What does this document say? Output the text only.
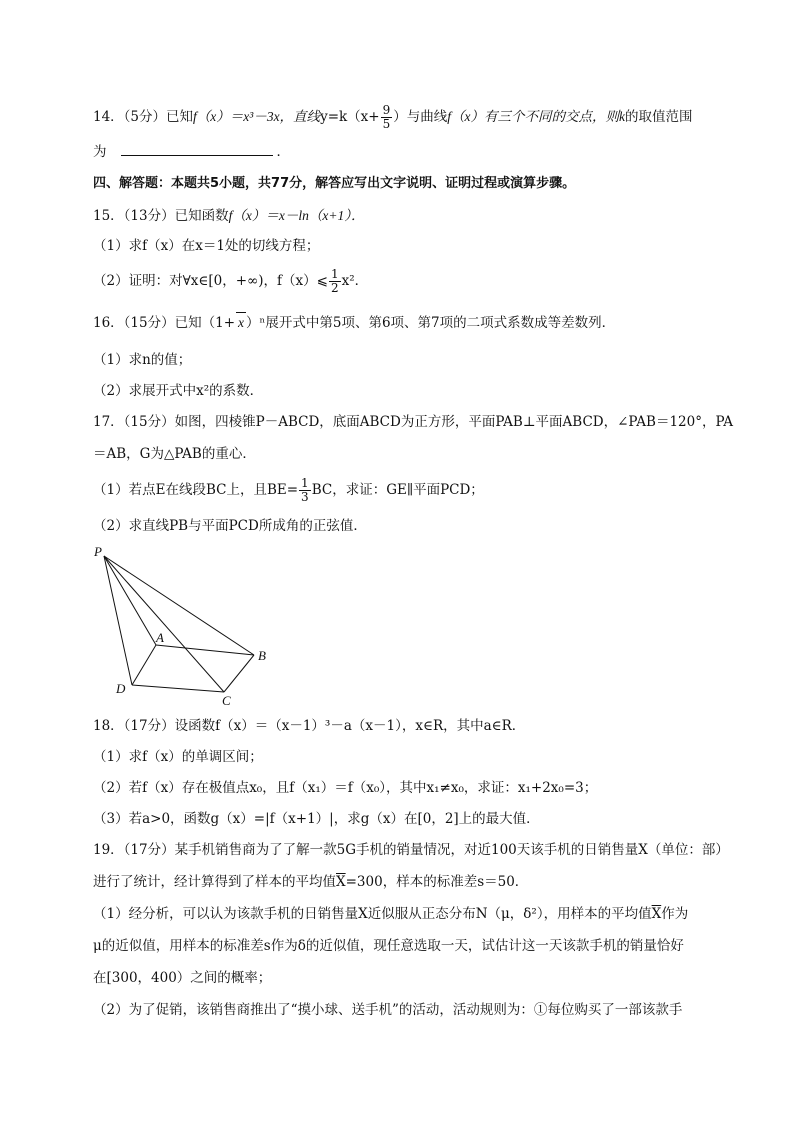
14．（5分）已知f（x）＝x³－3x，直线$y=k(x+ \frac{9}{5}$ ）与曲线f（x）有三个不同的交点，则k的取值范围
为	．
四、解答题：本题共5小题，共77分，解答应写出文字说明、证明过程或演算步骤。
15．（13分）已知函数f（x）＝x－ln（x+1）．
（1）求f（x）在x＝1处的切线方程；
（2）证明：对∀x∈[0，+∞)，f（x）⩽ $\frac{1}{2} x^2$．
16．（15分）已知（1+ x ）ⁿ展开式中第5项、第6项、第7项的二项式系数成等差数列．
（1）求n的值；
（2）求展开式中x²的系数．
17．（15分）如图，四棱锥P－ABCD，底面ABCD为正方形，平面PAB⊥平面ABCD，∠PAB＝120°，PA
＝AB，G为△PAB的重心．
（1）若点E在线段BC上，且$BE= \frac{1}{3}$ BC，求证：GE∥平面PCD；
（2）求直线PB与平面PCD所成角的正弦值．
P
A
B
C
D
18．（17分）设函数f（x）＝（x－1）³－a（x－1），x∈R，其中a∈R．
（1）求f（x）的单调区间；
（2）若f（x）存在极值点x₀，且f（x₁）＝f（x₀），其中x₁≠x₀，求证：x₁+2x₀=3；
（3）若a>0，函数g（x）=|f（x+1）|，求g（x）在[0，2]上的最大值．
19．（17分）某手机销售商为了了解一款5G手机的销量情况，对近100天该手机的日销售量X（单位：部）
进行了统计，经计算得到了样本的平均值$\overline{X}=300$，样本的标准差s＝50．
（1）经分析，可以认为该款手机的日销售量X近似服从正态分布N（μ，δ²），用样本的平均值$\overline{X}$作为
μ的近似值，用样本的标准差s作为δ的近似值，现任意选取一天，试估计这一天该款手机的销量恰好
在[300，400）之间的概率；
（2）为了促销，该销售商推出了“摸小球、送手机”的活动，活动规则为：①每位购买了一部该款手
